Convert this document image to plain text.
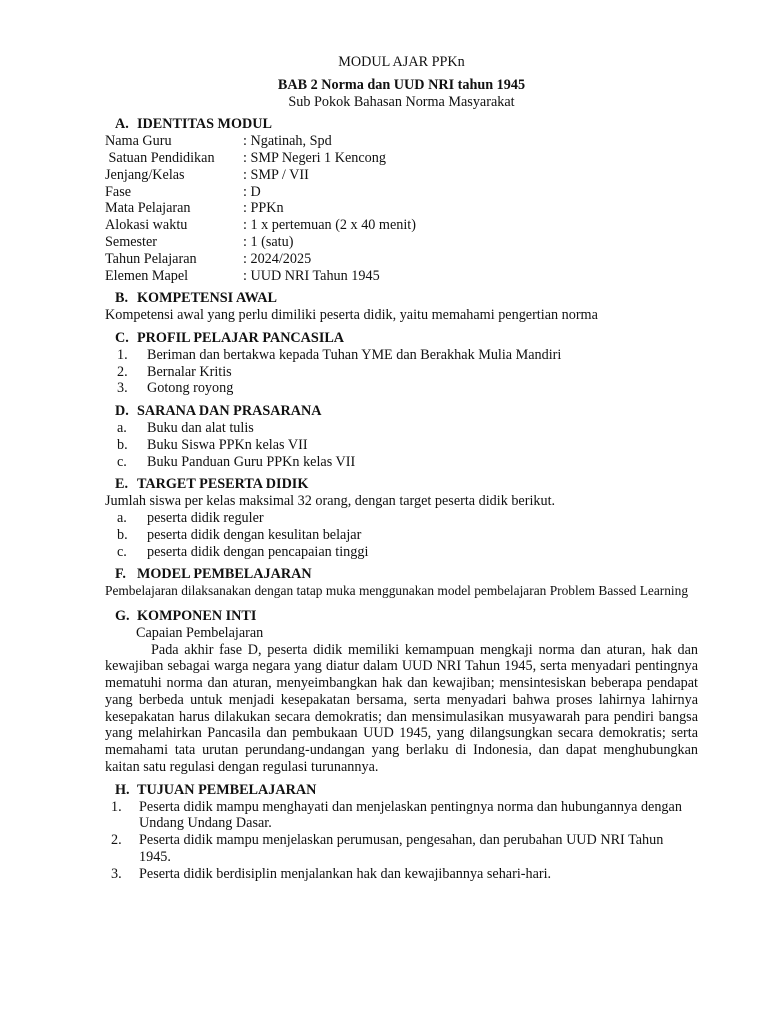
MODUL AJAR PPKn
BAB 2 Norma dan UUD NRI tahun 1945
Sub Pokok Bahasan Norma Masyarakat
A. IDENTITAS MODUL
Nama Guru	: Ngatinah, Spd
Satuan Pendidikan	: SMP Negeri 1 Kencong
Jenjang/Kelas	: SMP / VII
Fase	: D
Mata Pelajaran	: PPKn
Alokasi waktu	: 1 x pertemuan (2 x 40 menit)
Semester	: 1 (satu)
Tahun Pelajaran	: 2024/2025
Elemen Mapel	: UUD NRI Tahun 1945
B. KOMPETENSI AWAL
Kompetensi awal yang perlu dimiliki peserta didik, yaitu memahami pengertian norma
C. PROFIL PELAJAR PANCASILA
1.	Beriman dan bertakwa kepada Tuhan YME dan Berakhak Mulia Mandiri
2.	Bernalar Kritis
3.	Gotong royong
D. SARANA DAN PRASARANA
a.	Buku dan alat tulis
b.	Buku Siswa PPKn kelas VII
c.	Buku Panduan Guru PPKn kelas VII
E. TARGET PESERTA DIDIK
Jumlah siswa per kelas maksimal 32 orang, dengan target peserta didik berikut.
a.	peserta didik reguler
b.	peserta didik dengan kesulitan belajar
c.	peserta didik dengan pencapaian tinggi
F. MODEL PEMBELAJARAN
Pembelajaran dilaksanakan dengan tatap muka menggunakan model pembelajaran Problem Bassed Learning
G. KOMPONEN INTI
Capaian Pembelajaran
Pada akhir fase D, peserta didik memiliki kemampuan mengkaji norma dan aturan, hak dan kewajiban sebagai warga negara yang diatur dalam UUD NRI Tahun 1945, serta menyadari pentingnya mematuhi norma dan aturan, menyeimbangkan hak dan kewajiban; mensintesiskan beberapa pendapat yang berbeda untuk menjadi kesepakatan bersama, serta menyadari bahwa proses lahirnya lahirnya kesepakatan harus dilakukan secara demokratis; dan mensimulasikan musyawarah para pendiri bangsa yang melahirkan Pancasila dan pembukaan UUD 1945, yang dilangsungkan secara demokratis; serta memahami tata urutan perundang-undangan yang berlaku di Indonesia, dan dapat menghubungkan kaitan satu regulasi dengan regulasi turunannya.
H. TUJUAN PEMBELAJARAN
1.	Peserta didik mampu menghayati dan menjelaskan pentingnya norma dan hubungannya dengan Undang Undang Dasar.
2.	Peserta didik mampu menjelaskan perumusan, pengesahan, dan perubahan UUD NRI Tahun 1945.
3.	Peserta didik berdisiplin menjalankan hak dan kewajibannya sehari-hari.
